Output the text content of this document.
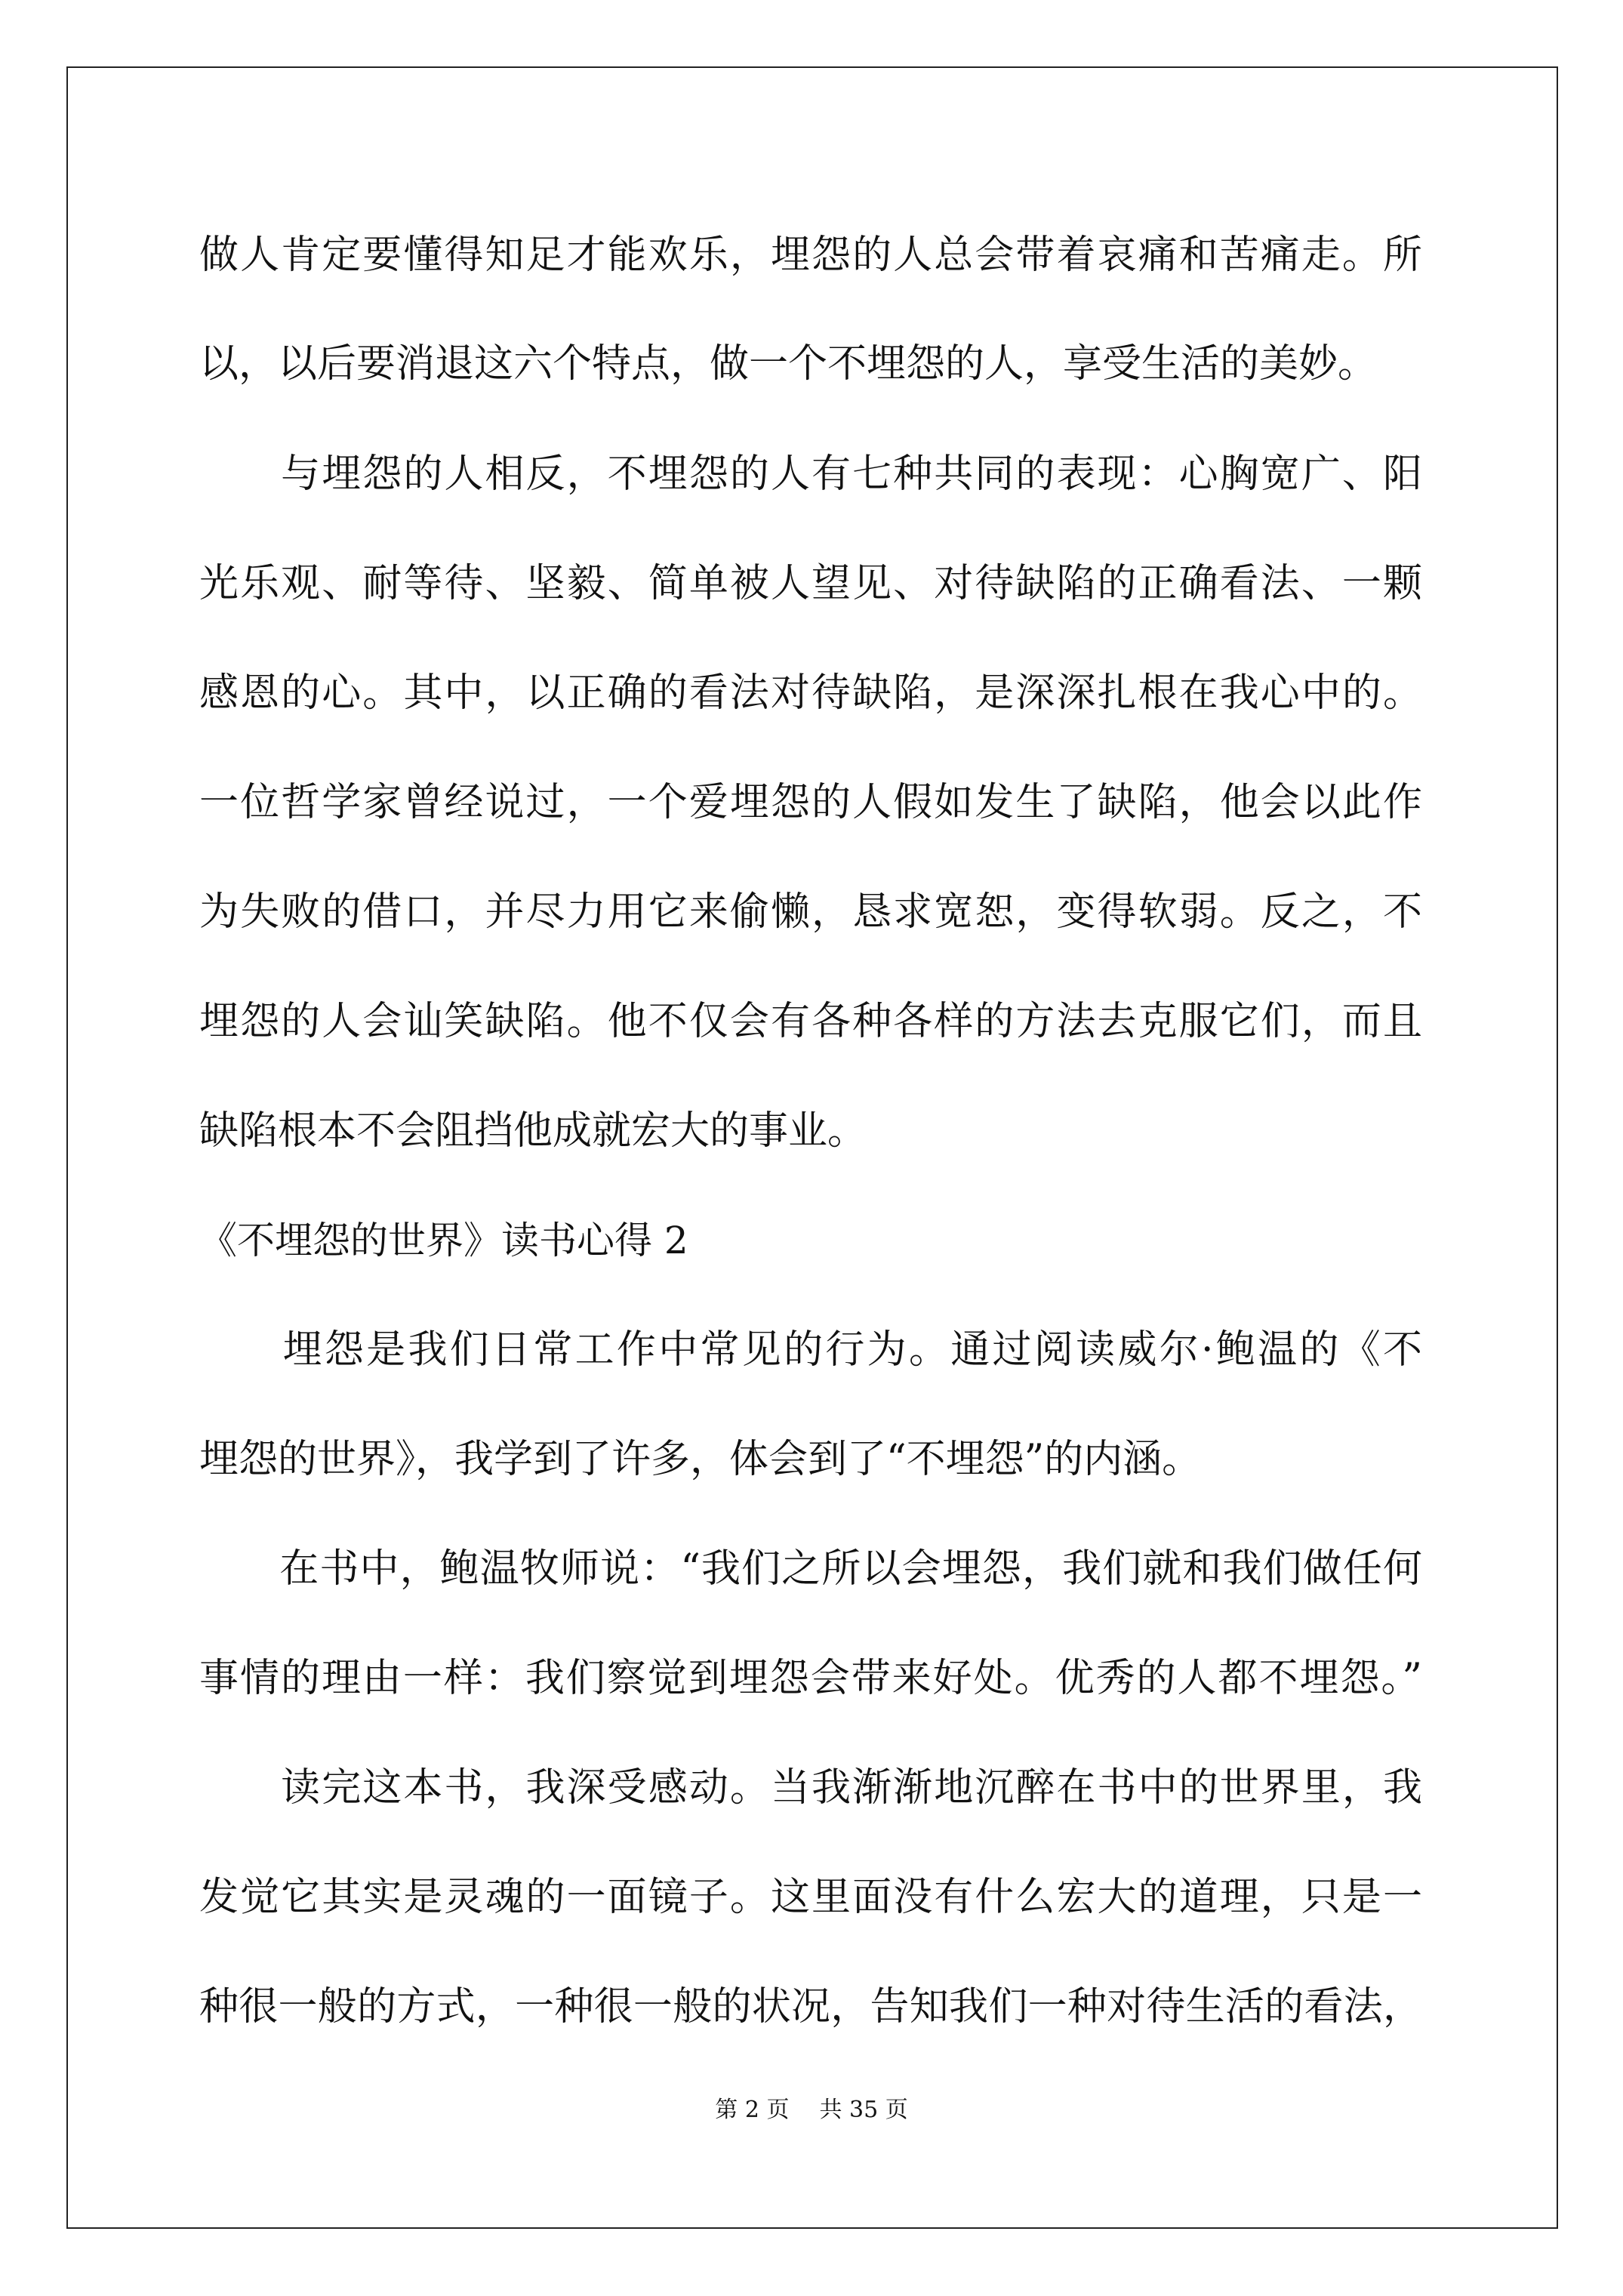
做人肯定要懂得知足才能欢乐，埋怨的人总会带着哀痛和苦痛走。所
以，以后要消退这六个特点，做一个不埋怨的人，享受生活的美妙。
　　与埋怨的人相反，不埋怨的人有七种共同的表现：心胸宽广、阳
光乐观、耐等待、坚毅、简单被人望见、对待缺陷的正确看法、一颗
感恩的心。其中，以正确的看法对待缺陷，是深深扎根在我心中的。
一位哲学家曾经说过，一个爱埋怨的人假如发生了缺陷，他会以此作
为失败的借口，并尽力用它来偷懒，恳求宽恕，变得软弱。反之，不
埋怨的人会讪笑缺陷。他不仅会有各种各样的方法去克服它们，而且
缺陷根本不会阻挡他成就宏大的事业。
《不埋怨的世界》读书心得 2
　　埋怨是我们日常工作中常见的行为。通过阅读威尔·鲍温的《不
埋怨的世界》，我学到了许多，体会到了“不埋怨”的内涵。
　　在书中，鲍温牧师说：“我们之所以会埋怨，我们就和我们做任何
事情的理由一样：我们察觉到埋怨会带来好处。优秀的人都不埋怨。”
　　读完这本书，我深受感动。当我渐渐地沉醉在书中的世界里，我
发觉它其实是灵魂的一面镜子。这里面没有什么宏大的道理，只是一
种很一般的方式，一种很一般的状况，告知我们一种对待生活的看法，
第 2 页 共 35 页
